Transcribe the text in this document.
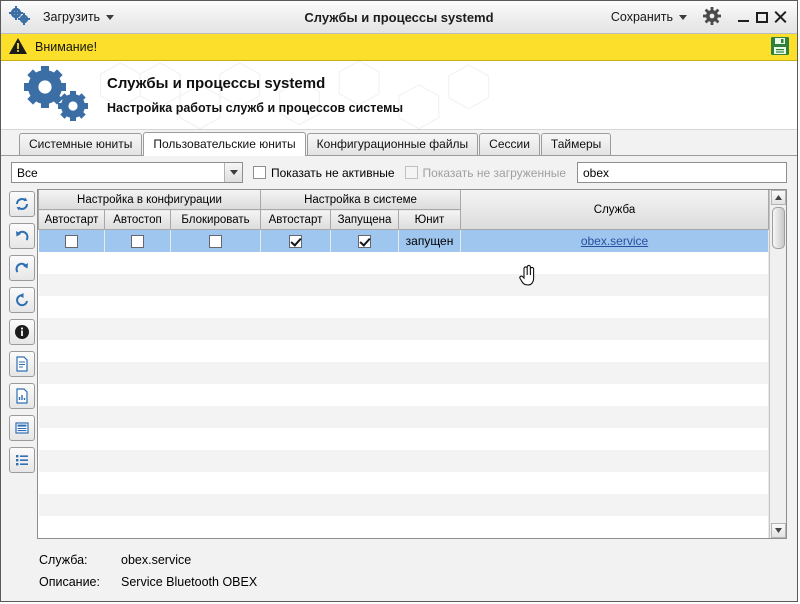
Загрузить	Службы и процессы systemd	Сохранить
Внимание!
Службы и процессы systemd
Настройка работы служб и процессов системы
Системные юниты	Пользовательские юниты	Конфигурационные файлы	Сессии	Таймеры
Все	Показать не активные Показать не загруженные obex
Настройка в конфигурации			Настройка в системе			Служба
Автостарт	Автостоп	Блокировать	Автостарт	Запущена	Юнит	
					запущен	obex.service

Служба:	obex.service
Описание:	Service Bluetooth OBEX
